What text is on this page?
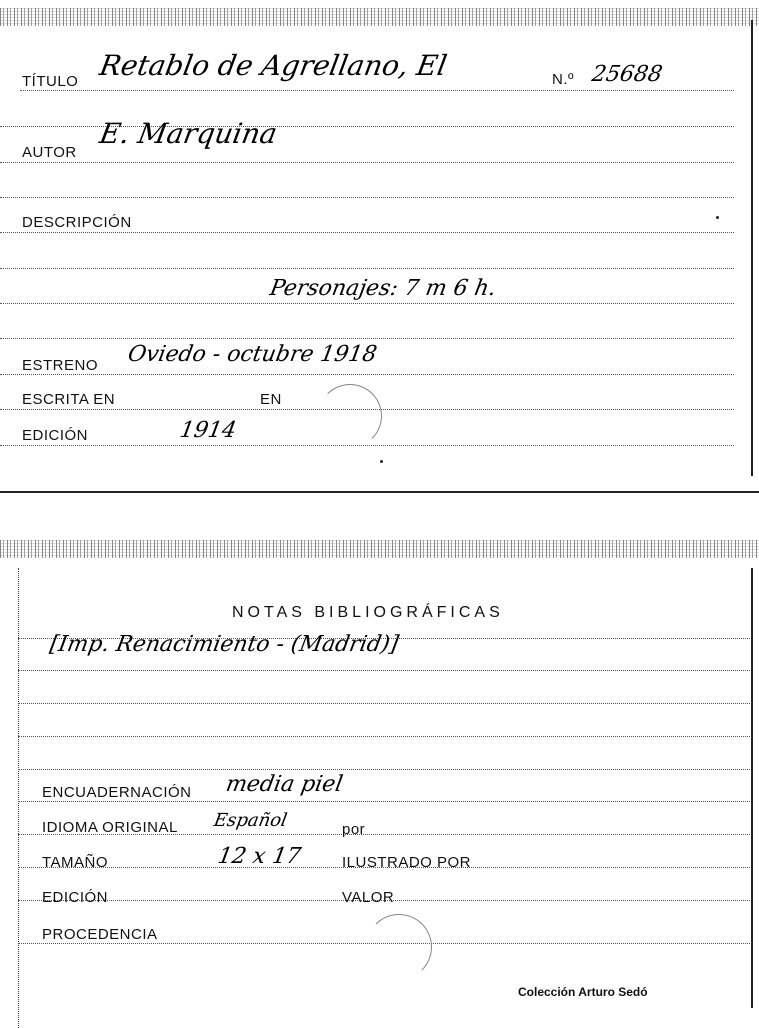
TÍTULO Retablo de Agrellano, El	N.º 25688
AUTOR
E. Marquina
DESCRIPCIÓN
Personajes: 7 m 6 h.
ESTRENO Oviedo - octubre 1918
ESCRITA EN	EN
EDICIÓN	1914
NOTAS BIBLIOGRÁFICAS
[Imp. Renacimiento - (Madrid)]
ENCUADERNACIÓN media piel
IDIOMA ORIGINAL Español	por
TAMAÑO	12 x 17	ILUSTRADO POR
EDICIÓN	VALOR
PROCEDENCIA
Colección Arturo Sedó
